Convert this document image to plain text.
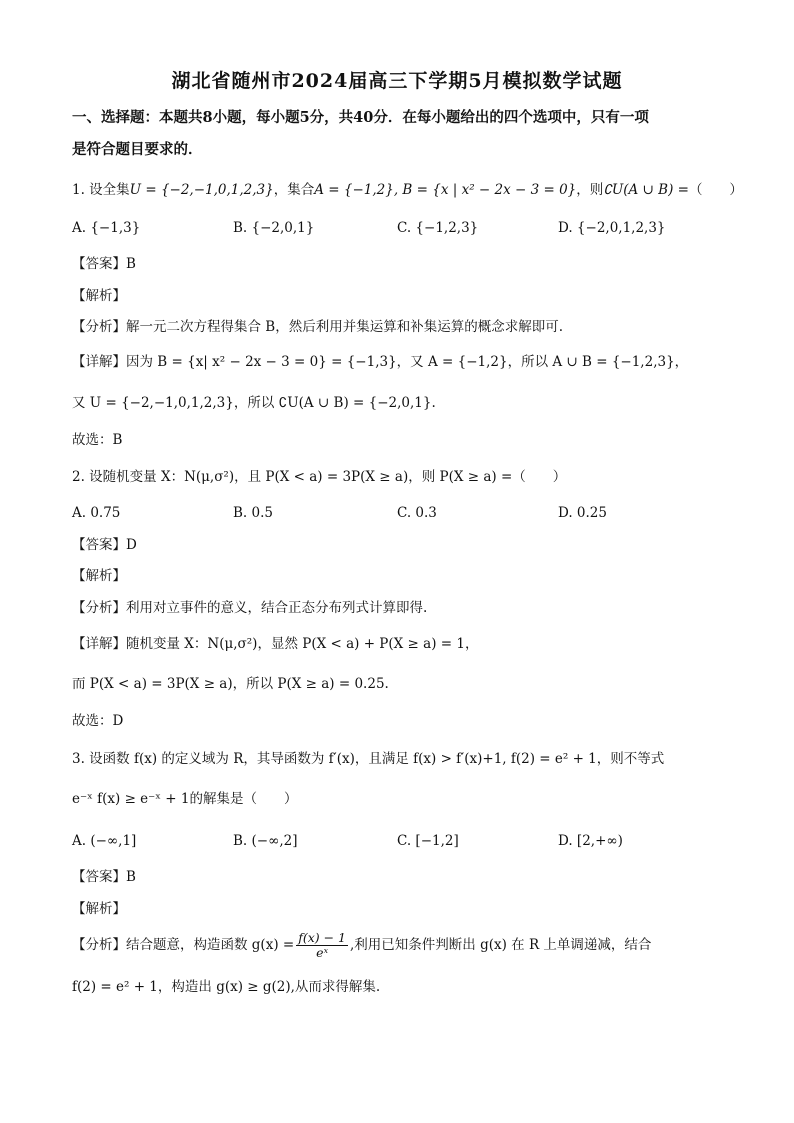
湖北省随州市2024届高三下学期5月模拟数学试题
一、选择题：本题共8小题，每小题5分，共40分．在每小题给出的四个选项中，只有一项
是符合题目要求的．
1. 设全集U = {−2,−1,0,1,2,3}，集合A = {−1,2}, B = {x | x² − 2x − 3 = 0}，则∁U(A ∪ B) =（　　）
A. {−1,3}	B. {−2,0,1}	C. {−1,2,3}	D. {−2,0,1,2,3}
【答案】B
【解析】
【分析】解一元二次方程得集合 B，然后利用并集运算和补集运算的概念求解即可.
【详解】因为 B = {x| x² − 2x − 3 = 0} = {−1,3}，又 A = {−1,2}，所以 A ∪ B = {−1,2,3}，
又 U = {−2,−1,0,1,2,3}，所以 ∁U(A ∪ B) = {−2,0,1}.
故选：B
2. 设随机变量 X：N(μ,σ²)，且 P(X < a) = 3P(X ≥ a)，则 P(X ≥ a) =（　　）
A. 0.75	B. 0.5	C. 0.3	D. 0.25
【答案】D
【解析】
【分析】利用对立事件的意义，结合正态分布列式计算即得.
【详解】随机变量 X：N(μ,σ²)，显然 P(X < a) + P(X ≥ a) = 1，
而 P(X < a) = 3P(X ≥ a)，所以 P(X ≥ a) = 0.25.
故选：D
3. 设函数 f(x) 的定义域为 R，其导函数为 f′(x)，且满足 f(x) > f′(x)+1, f(2) = e² + 1，则不等式
e⁻ˣ f(x) ≥ e⁻ˣ + 1的解集是（　　）
A. (−∞,1]	B. (−∞,2]	C. [−1,2]	D. [2,+∞)
【答案】B
【解析】
【分析】结合题意，构造函数 $g(x) = \frac{f(x) - 1}{\text{eˣ}}$ ,利用已知条件判断出 g(x) 在 R 上单调递减，结合
f(2) = e² + 1，构造出 g(x) ≥ g(2),从而求得解集.
